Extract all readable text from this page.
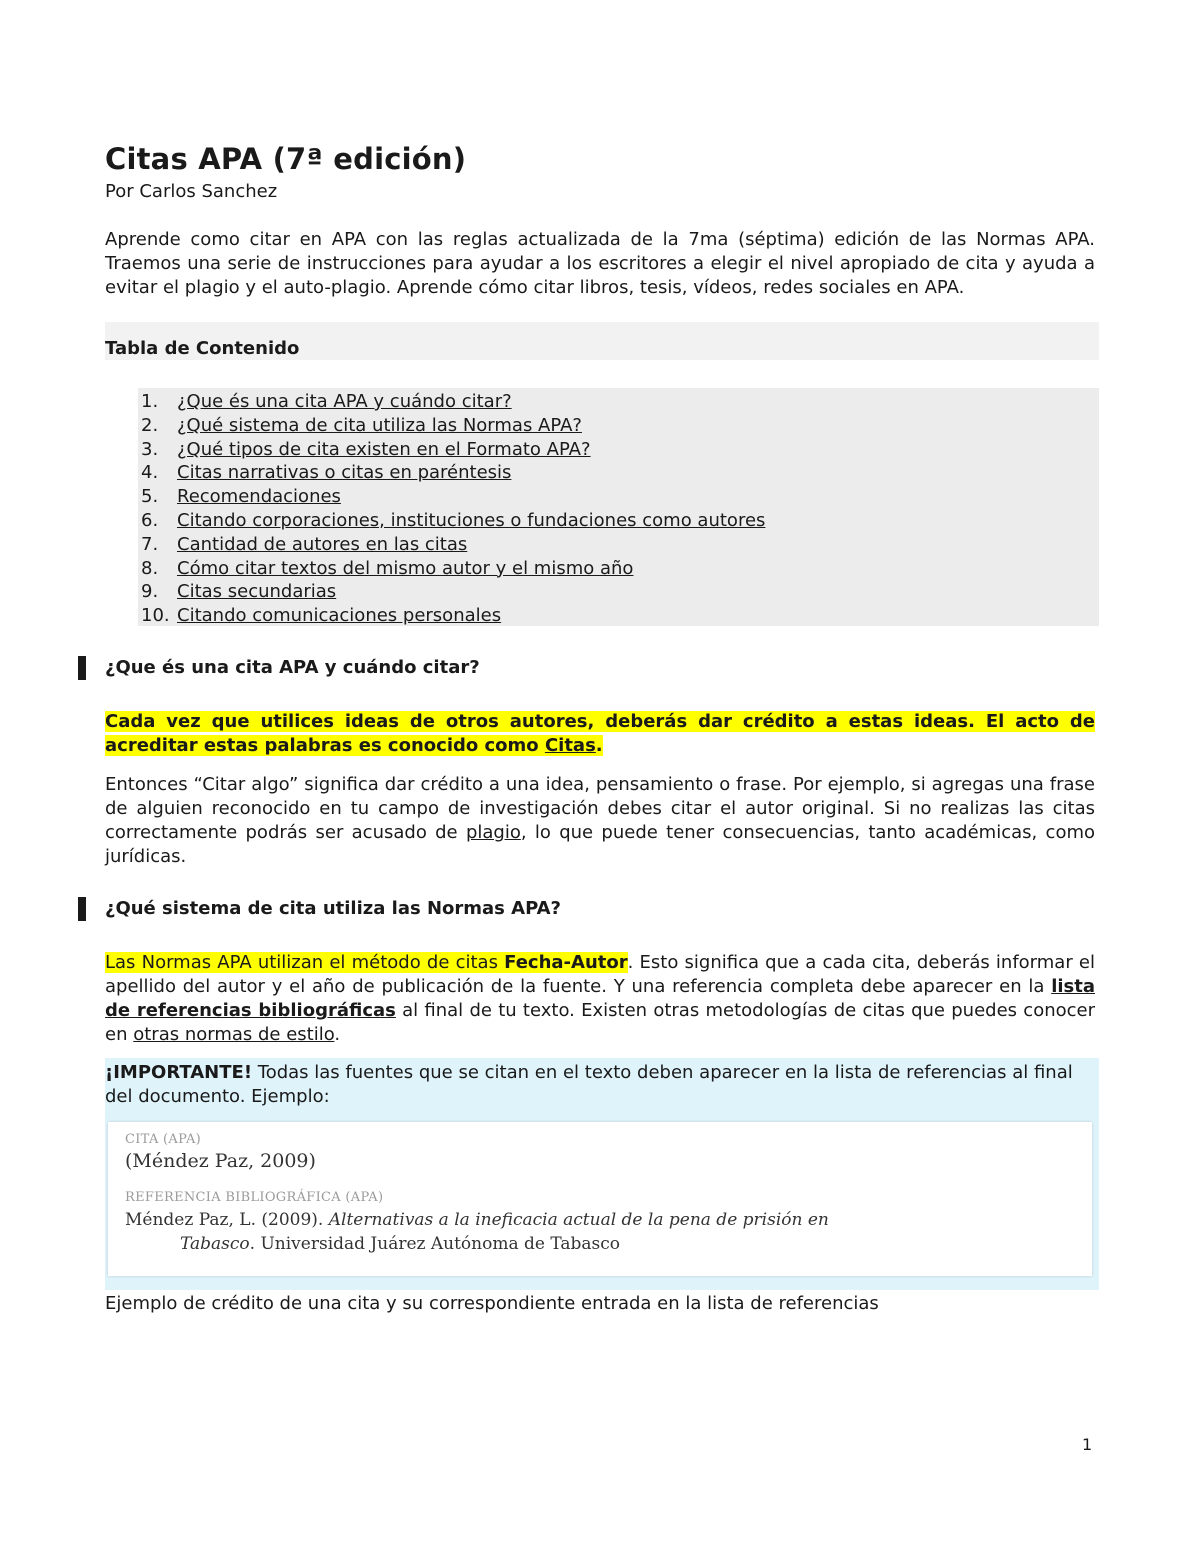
Citas APA (7ª edición)

Por Carlos Sanchez

Aprende como citar en APA con las reglas actualizada de la 7ma (séptima) edición de las Normas APA. Traemos una serie de instrucciones para ayudar a los escritores a elegir el nivel apropiado de cita y ayuda a evitar el plagio y el auto-plagio. Aprende cómo citar libros, tesis, vídeos, redes sociales en APA.

Tabla de Contenido

1. ¿Que és una cita APA y cuándo citar?
2. ¿Qué sistema de cita utiliza las Normas APA?
3. ¿Qué tipos de cita existen en el Formato APA?
4. Citas narrativas o citas en paréntesis
5. Recomendaciones
6. Citando corporaciones, instituciones o fundaciones como autores
7. Cantidad de autores en las citas
8. Cómo citar textos del mismo autor y el mismo año
9. Citas secundarias
10. Citando comunicaciones personales
¿Que és una cita APA y cuándo citar?

Cada vez que utilices ideas de otros autores, deberás dar crédito a estas ideas. El acto de acreditar estas palabras es conocido como Citas.

Entonces “Citar algo” significa dar crédito a una idea, pensamiento o frase. Por ejemplo, si agregas una frase de alguien reconocido en tu campo de investigación debes citar el autor original. Si no realizas las citas correctamente podrás ser acusado de plagio, lo que puede tener consecuencias, tanto académicas, como jurídicas.

¿Qué sistema de cita utiliza las Normas APA?

Las Normas APA utilizan el método de citas Fecha-Autor. Esto significa que a cada cita, deberás informar el apellido del autor y el año de publicación de la fuente. Y una referencia completa debe aparecer en la lista de referencias bibliográficas al final de tu texto. Existen otras metodologías de citas que puedes conocer en otras normas de estilo.

¡IMPORTANTE! Todas las fuentes que se citan en el texto deben aparecer en la lista de referencias al final del documento. Ejemplo:

CITA (APA)
(Méndez Paz, 2009)
REFERENCIA BIBLIOGRÁFICA (APA)
Méndez Paz, L. (2009). Alternativas a la ineficacia actual de la pena de prisión en
Tabasco. Universidad Juárez Autónoma de Tabasco

Ejemplo de crédito de una cita y su correspondiente entrada en la lista de referencias

1
